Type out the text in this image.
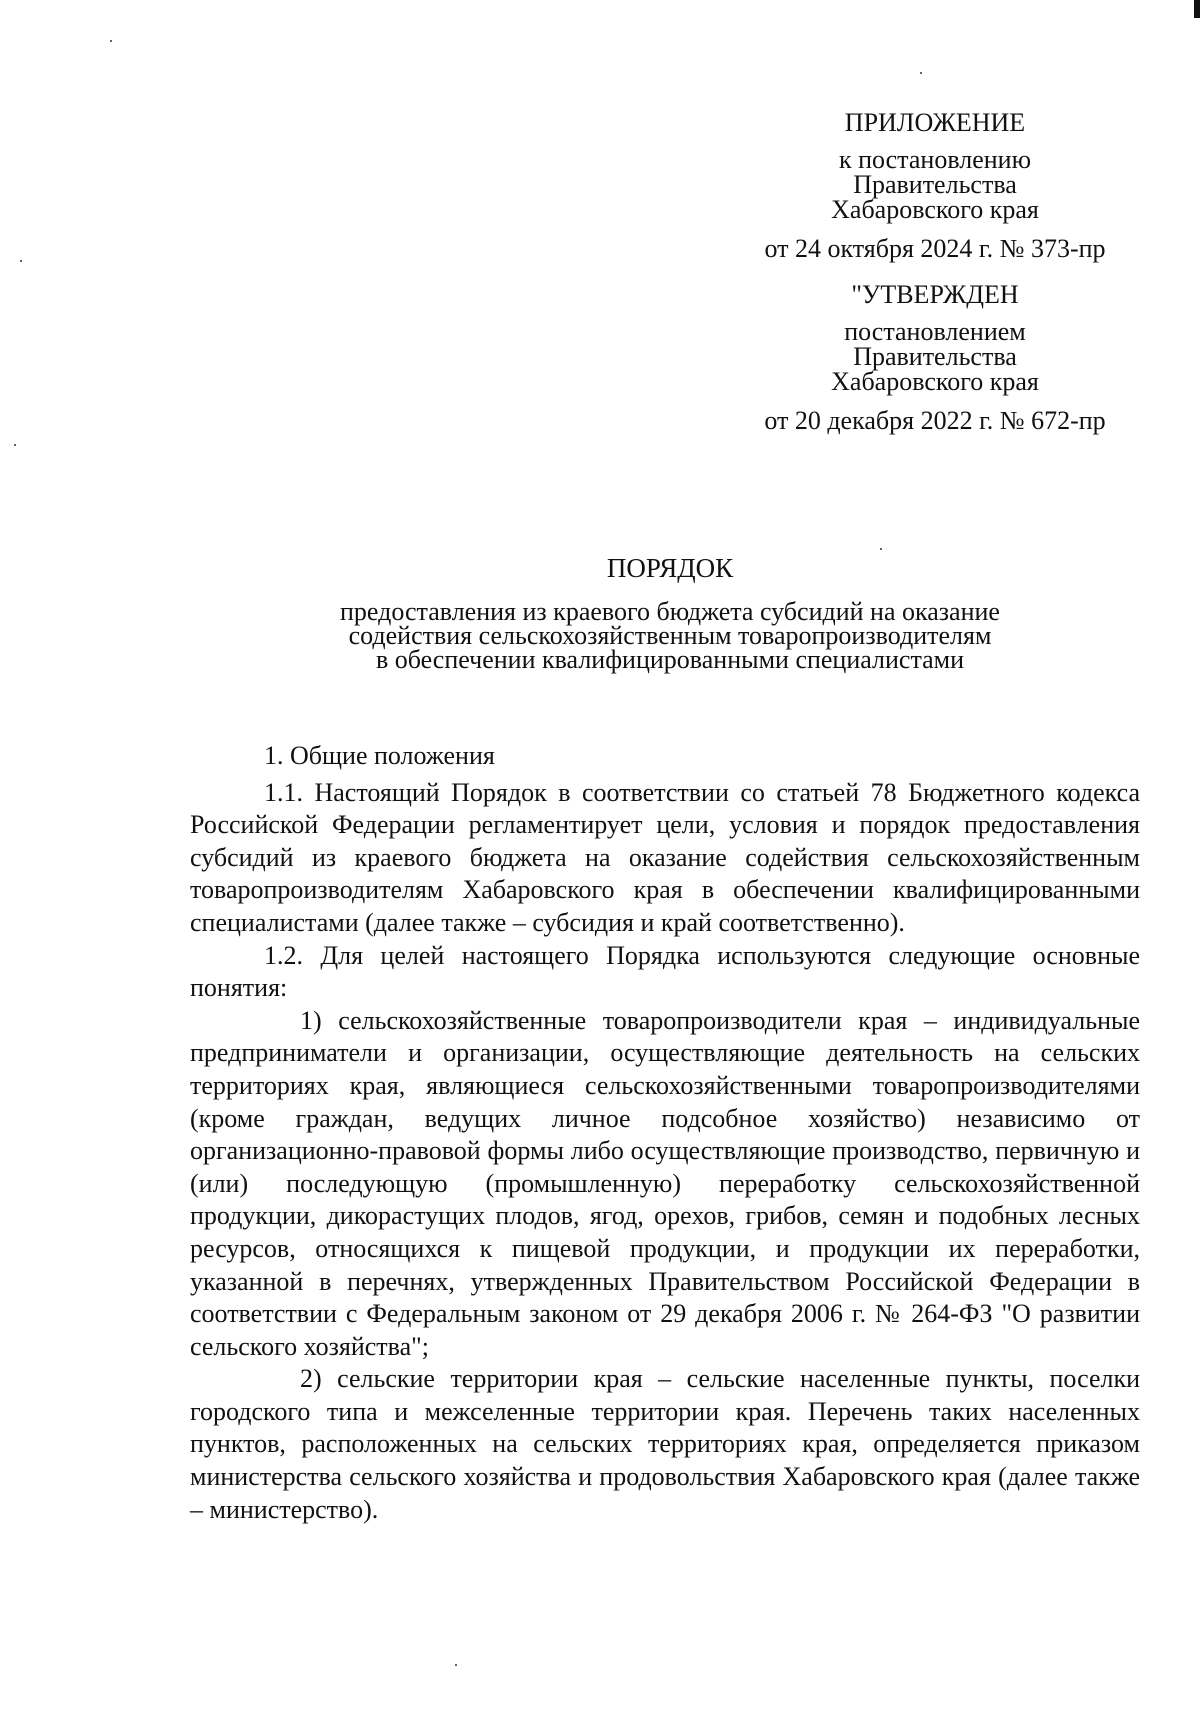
ПРИЛОЖЕНИЕ
к постановлению
Правительства
Хабаровского края
от 24 октября 2024 г. № 373-пр
"УТВЕРЖДЕН
постановлением
Правительства
Хабаровского края
от 20 декабря 2022 г. № 672-пр
ПОРЯДОК
предоставления из краевого бюджета субсидий на оказание
содействия сельскохозяйственным товаропроизводителям
в обеспечении квалифицированными специалистами

1. Общие положения

1.1. Настоящий Порядок в соответствии со статьей 78 Бюджетного кодекса Российской Федерации регламентирует цели, условия и порядок предоставления субсидий из краевого бюджета на оказание содействия сельскохозяйственным товаропроизводителям Хабаровского края в обеспечении квалифицированными специалистами (далее также – субсидия и край соответственно).

1.2. Для целей настоящего Порядка используются следующие основные понятия:

1) сельскохозяйственные товаропроизводители края – индивидуальные предприниматели и организации, осуществляющие деятельность на сельских территориях края, являющиеся сельскохозяйственными товаропроизводителями (кроме граждан, ведущих личное подсобное хозяйство) независимо от организационно-правовой формы либо осуществляющие производство, первичную и (или) последующую (промышленную) переработку сельскохозяйственной продукции, дикорастущих плодов, ягод, орехов, грибов, семян и подобных лесных ресурсов, относящихся к пищевой продукции, и продукции их переработки, указанной в перечнях, утвержденных Правительством Российской Федерации в соответствии с Федеральным законом от 29 декабря 2006 г. № 264-ФЗ "О развитии сельского хозяйства";

2) сельские территории края – сельские населенные пункты, поселки городского типа и межселенные территории края. Перечень таких населенных пунктов, расположенных на сельских территориях края, определяется приказом министерства сельского хозяйства и продовольствия Хабаровского края (далее также – министерство).
